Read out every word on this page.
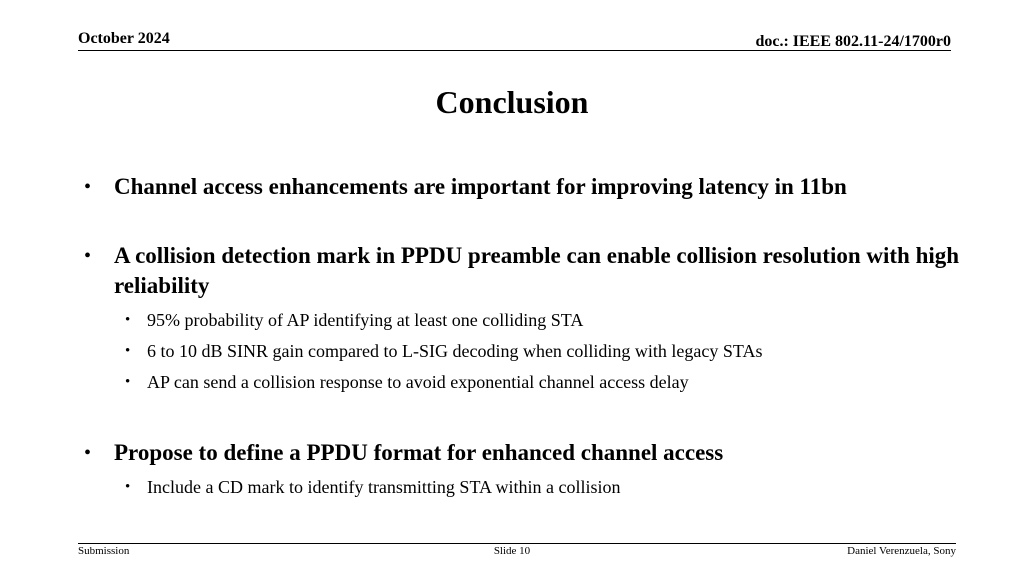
October 2024	doc.: IEEE 802.11-24/1700r0
Conclusion
• Channel access enhancements are important for improving latency in 11bn
• A collision detection mark in PPDU preamble can enable collision resolution with high reliability
• 95% probability of AP identifying at least one colliding STA
• 6 to 10 dB SINR gain compared to L-SIG decoding when colliding with legacy STAs
• AP can send a collision response to avoid exponential channel access delay
• Propose to define a PPDU format for enhanced channel access
• Include a CD mark to identify transmitting STA within a collision
Submission	Slide 10	Daniel Verenzuela, Sony
